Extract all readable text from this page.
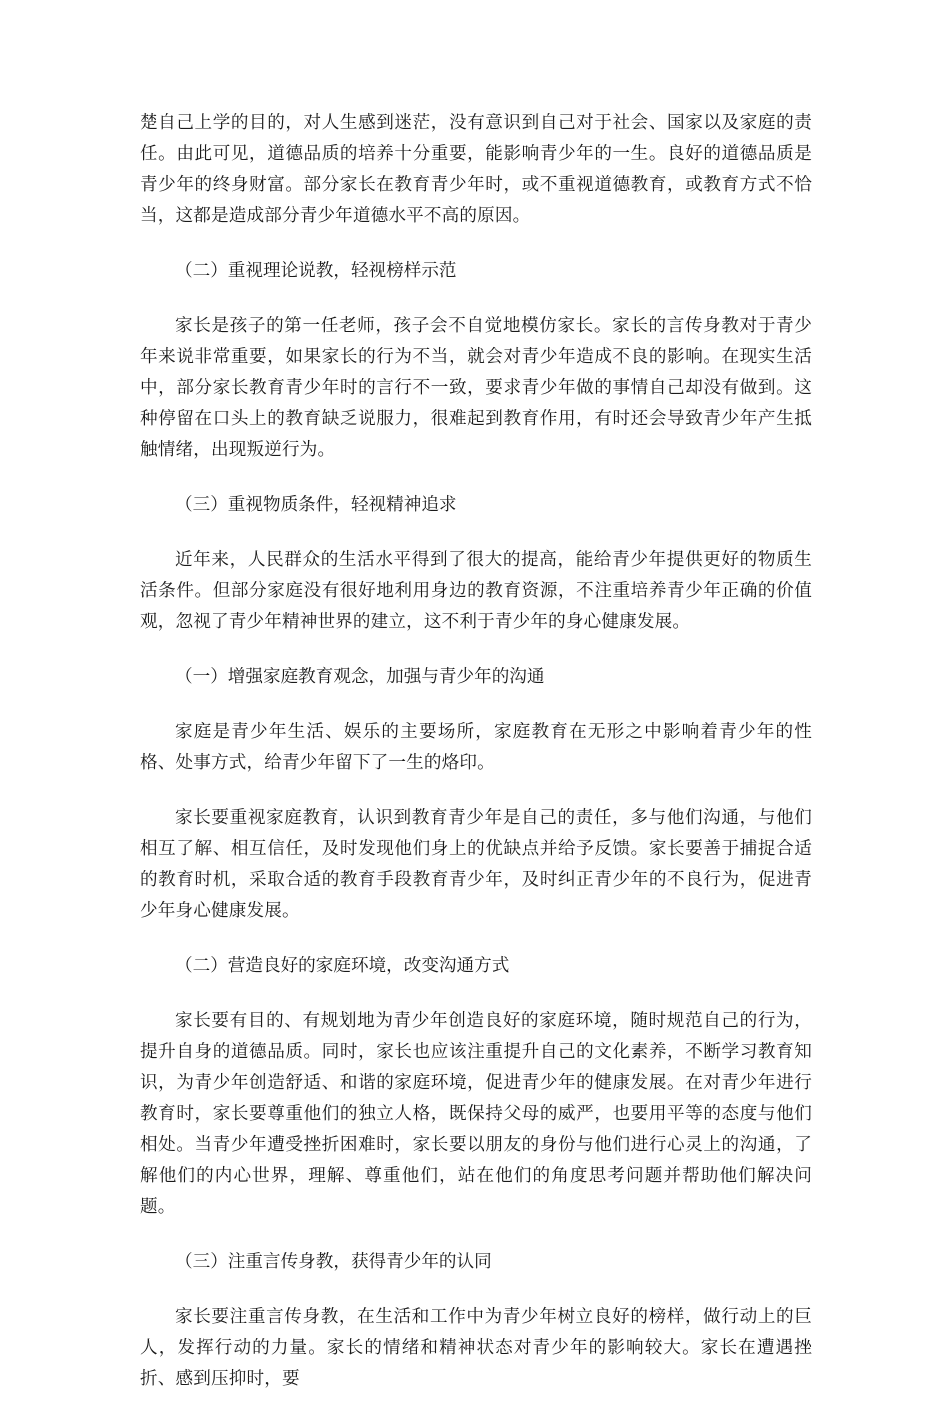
楚自己上学的目的，对人生感到迷茫，没有意识到自己对于社会、国家以及家庭的责任。由此可见，道德品质的培养十分重要，能影响青少年的一生。良好的道德品质是青少年的终身财富。部分家长在教育青少年时，或不重视道德教育，或教育方式不恰当，这都是造成部分青少年道德水平不高的原因。

（二）重视理论说教，轻视榜样示范

家长是孩子的第一任老师，孩子会不自觉地模仿家长。家长的言传身教对于青少年来说非常重要，如果家长的行为不当，就会对青少年造成不良的影响。在现实生活中，部分家长教育青少年时的言行不一致，要求青少年做的事情自己却没有做到。这种停留在口头上的教育缺乏说服力，很难起到教育作用，有时还会导致青少年产生抵触情绪，出现叛逆行为。

（三）重视物质条件，轻视精神追求

近年来，人民群众的生活水平得到了很大的提高，能给青少年提供更好的物质生活条件。但部分家庭没有很好地利用身边的教育资源，不注重培养青少年正确的价值观，忽视了青少年精神世界的建立，这不利于青少年的身心健康发展。

（一）增强家庭教育观念，加强与青少年的沟通

家庭是青少年生活、娱乐的主要场所，家庭教育在无形之中影响着青少年的性格、处事方式，给青少年留下了一生的烙印。

家长要重视家庭教育，认识到教育青少年是自己的责任，多与他们沟通，与他们相互了解、相互信任，及时发现他们身上的优缺点并给予反馈。家长要善于捕捉合适的教育时机，采取合适的教育手段教育青少年，及时纠正青少年的不良行为，促进青少年身心健康发展。

（二）营造良好的家庭环境，改变沟通方式

家长要有目的、有规划地为青少年创造良好的家庭环境，随时规范自己的行为，提升自身的道德品质。同时，家长也应该注重提升自己的文化素养，不断学习教育知识，为青少年创造舒适、和谐的家庭环境，促进青少年的健康发展。在对青少年进行教育时，家长要尊重他们的独立人格，既保持父母的威严，也要用平等的态度与他们相处。当青少年遭受挫折困难时，家长要以朋友的身份与他们进行心灵上的沟通，了解他们的内心世界，理解、尊重他们，站在他们的角度思考问题并帮助他们解决问题。

（三）注重言传身教，获得青少年的认同

家长要注重言传身教，在生活和工作中为青少年树立良好的榜样，做行动上的巨人，发挥行动的力量。家长的情绪和精神状态对青少年的影响较大。家长在遭遇挫折、感到压抑时，要
